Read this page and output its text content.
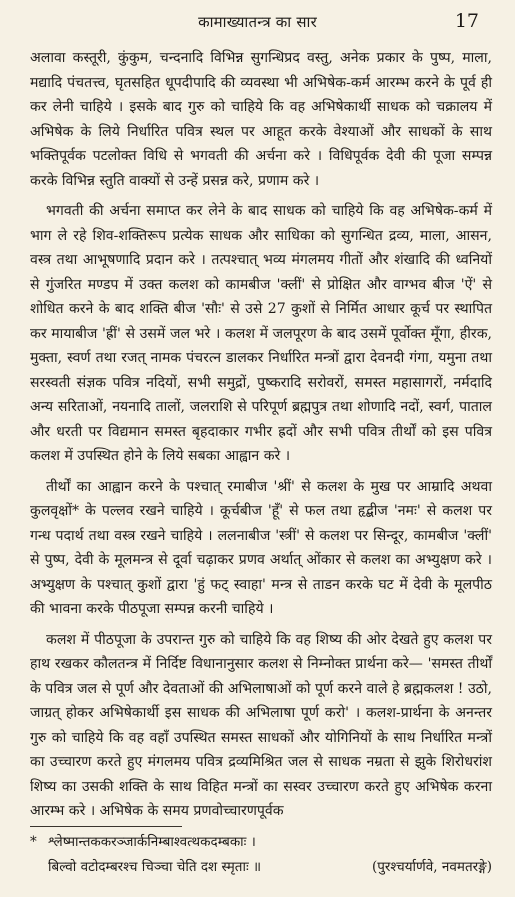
कामाख्यातन्त्र का सार	17

अलावा कस्तूरी, कुंकुम, चन्दनादि विभिन्न सुगन्धिप्रद वस्तु, अनेक प्रकार के पुष्प, माला, मद्यादि पंचतत्त्व, घृतसहित धूपदीपादि की व्यवस्था भी अभिषेक-कर्म आरम्भ करने के पूर्व ही कर लेनी चाहिये । इसके बाद गुरु को चाहिये कि वह अभिषेकार्थी साधक को चक्रालय में अभिषेक के लिये निर्धारित पवित्र स्थल पर आहूत करके वेश्याओं और साधकों के साथ भक्तिपूर्वक पटलोक्त विधि से भगवती की अर्चना करे । विधिपूर्वक देवी की पूजा सम्पन्न करके विभिन्न स्तुति वाक्यों से उन्हें प्रसन्न करे, प्रणाम करे ।

भगवती की अर्चना समाप्त कर लेने के बाद साधक को चाहिये कि वह अभिषेक-कर्म में भाग ले रहे शिव-शक्तिरूप प्रत्येक साधक और साधिका को सुगन्धित द्रव्य, माला, आसन, वस्त्र तथा आभूषणादि प्रदान करे । तत्पश्चात् भव्य मंगलमय गीतों और शंखादि की ध्वनियों से गुंजरित मण्डप में उक्त कलश को कामबीज 'क्लीं' से प्रोक्षित और वाग्भव बीज 'ऐं' से शोधित करने के बाद शक्ति बीज 'सौः' से उसे 27 कुशों से निर्मित आधार कूर्च पर स्थापित कर मायाबीज 'ह्रीं' से उसमें जल भरे । कलश में जलपूरण के बाद उसमें पूर्वोक्त मूँगा, हीरक, मुक्ता, स्वर्ण तथा रजत् नामक पंचरत्न डालकर निर्धारित मन्त्रों द्वारा देवनदी गंगा, यमुना तथा सरस्वती संज्ञक पवित्र नदियों, सभी समुद्रों, पुष्करादि सरोवरों, समस्त महासागरों, नर्मदादि अन्य सरिताओं, नयनादि तालों, जलराशि से परिपूर्ण ब्रह्मपुत्र तथा शोणादि नदों, स्वर्ग, पाताल और धरती पर विद्यमान समस्त बृहदाकार गभीर ह्रदों और सभी पवित्र तीर्थों को इस पवित्र कलश में उपस्थित होने के लिये सबका आह्वान करे ।

तीर्थों का आह्वान करने के पश्चात् रमाबीज 'श्रीं' से कलश के मुख पर आम्रादि अथवा कुलवृक्षों* के पल्लव रखने चाहिये । कूर्चबीज 'हूँ' से फल तथा हृद्बीज 'नमः' से कलश पर गन्ध पदार्थ तथा वस्त्र रखने चाहिये । ललनाबीज 'स्त्रीं' से कलश पर सिन्दूर, कामबीज 'क्लीं' से पुष्प, देवी के मूलमन्त्र से दूर्वा चढ़ाकर प्रणव अर्थात् ओंकार से कलश का अभ्युक्षण करे । अभ्युक्षण के पश्चात् कुशों द्वारा 'हुं फट् स्वाहा' मन्त्र से ताडन करके घट में देवी के मूलपीठ की भावना करके पीठपूजा सम्पन्न करनी चाहिये ।

कलश में पीठपूजा के उपरान्त गुरु को चाहिये कि वह शिष्य की ओर देखते हुए कलश पर हाथ रखकर कौलतन्त्र में निर्दिष्ट विधानानुसार कलश से निम्नोक्त प्रार्थना करे— 'समस्त तीर्थों के पवित्र जल से पूर्ण और देवताओं की अभिलाषाओं को पूर्ण करने वाले हे ब्रह्मकलश ! उठो, जाग्रत् होकर अभिषेकार्थी इस साधक की अभिलाषा पूर्ण करो' । कलश-प्रार्थना के अनन्तर गुरु को चाहिये कि वह वहाँ उपस्थित समस्त साधकों और योगिनियों के साथ निर्धारित मन्त्रों का उच्चारण करते हुए मंगलमय पवित्र द्रव्यमिश्रित जल से साधक नम्रता से झुके शिरोधरांश शिष्य का उसकी शक्ति के साथ विहित मन्त्रों का सस्वर उच्चारण करते हुए अभिषेक करना आरम्भ करे । अभिषेक के समय प्रणवोच्चारणपूर्वक

* श्लेष्मान्तककरञ्जार्कनिम्बाश्वत्थकदम्बकाः ।
बिल्वो वटोदम्बरश्च चिञ्चा चेति दश स्मृताः ॥	(पुरश्चर्यार्णवे, नवमतरङ्गे)
